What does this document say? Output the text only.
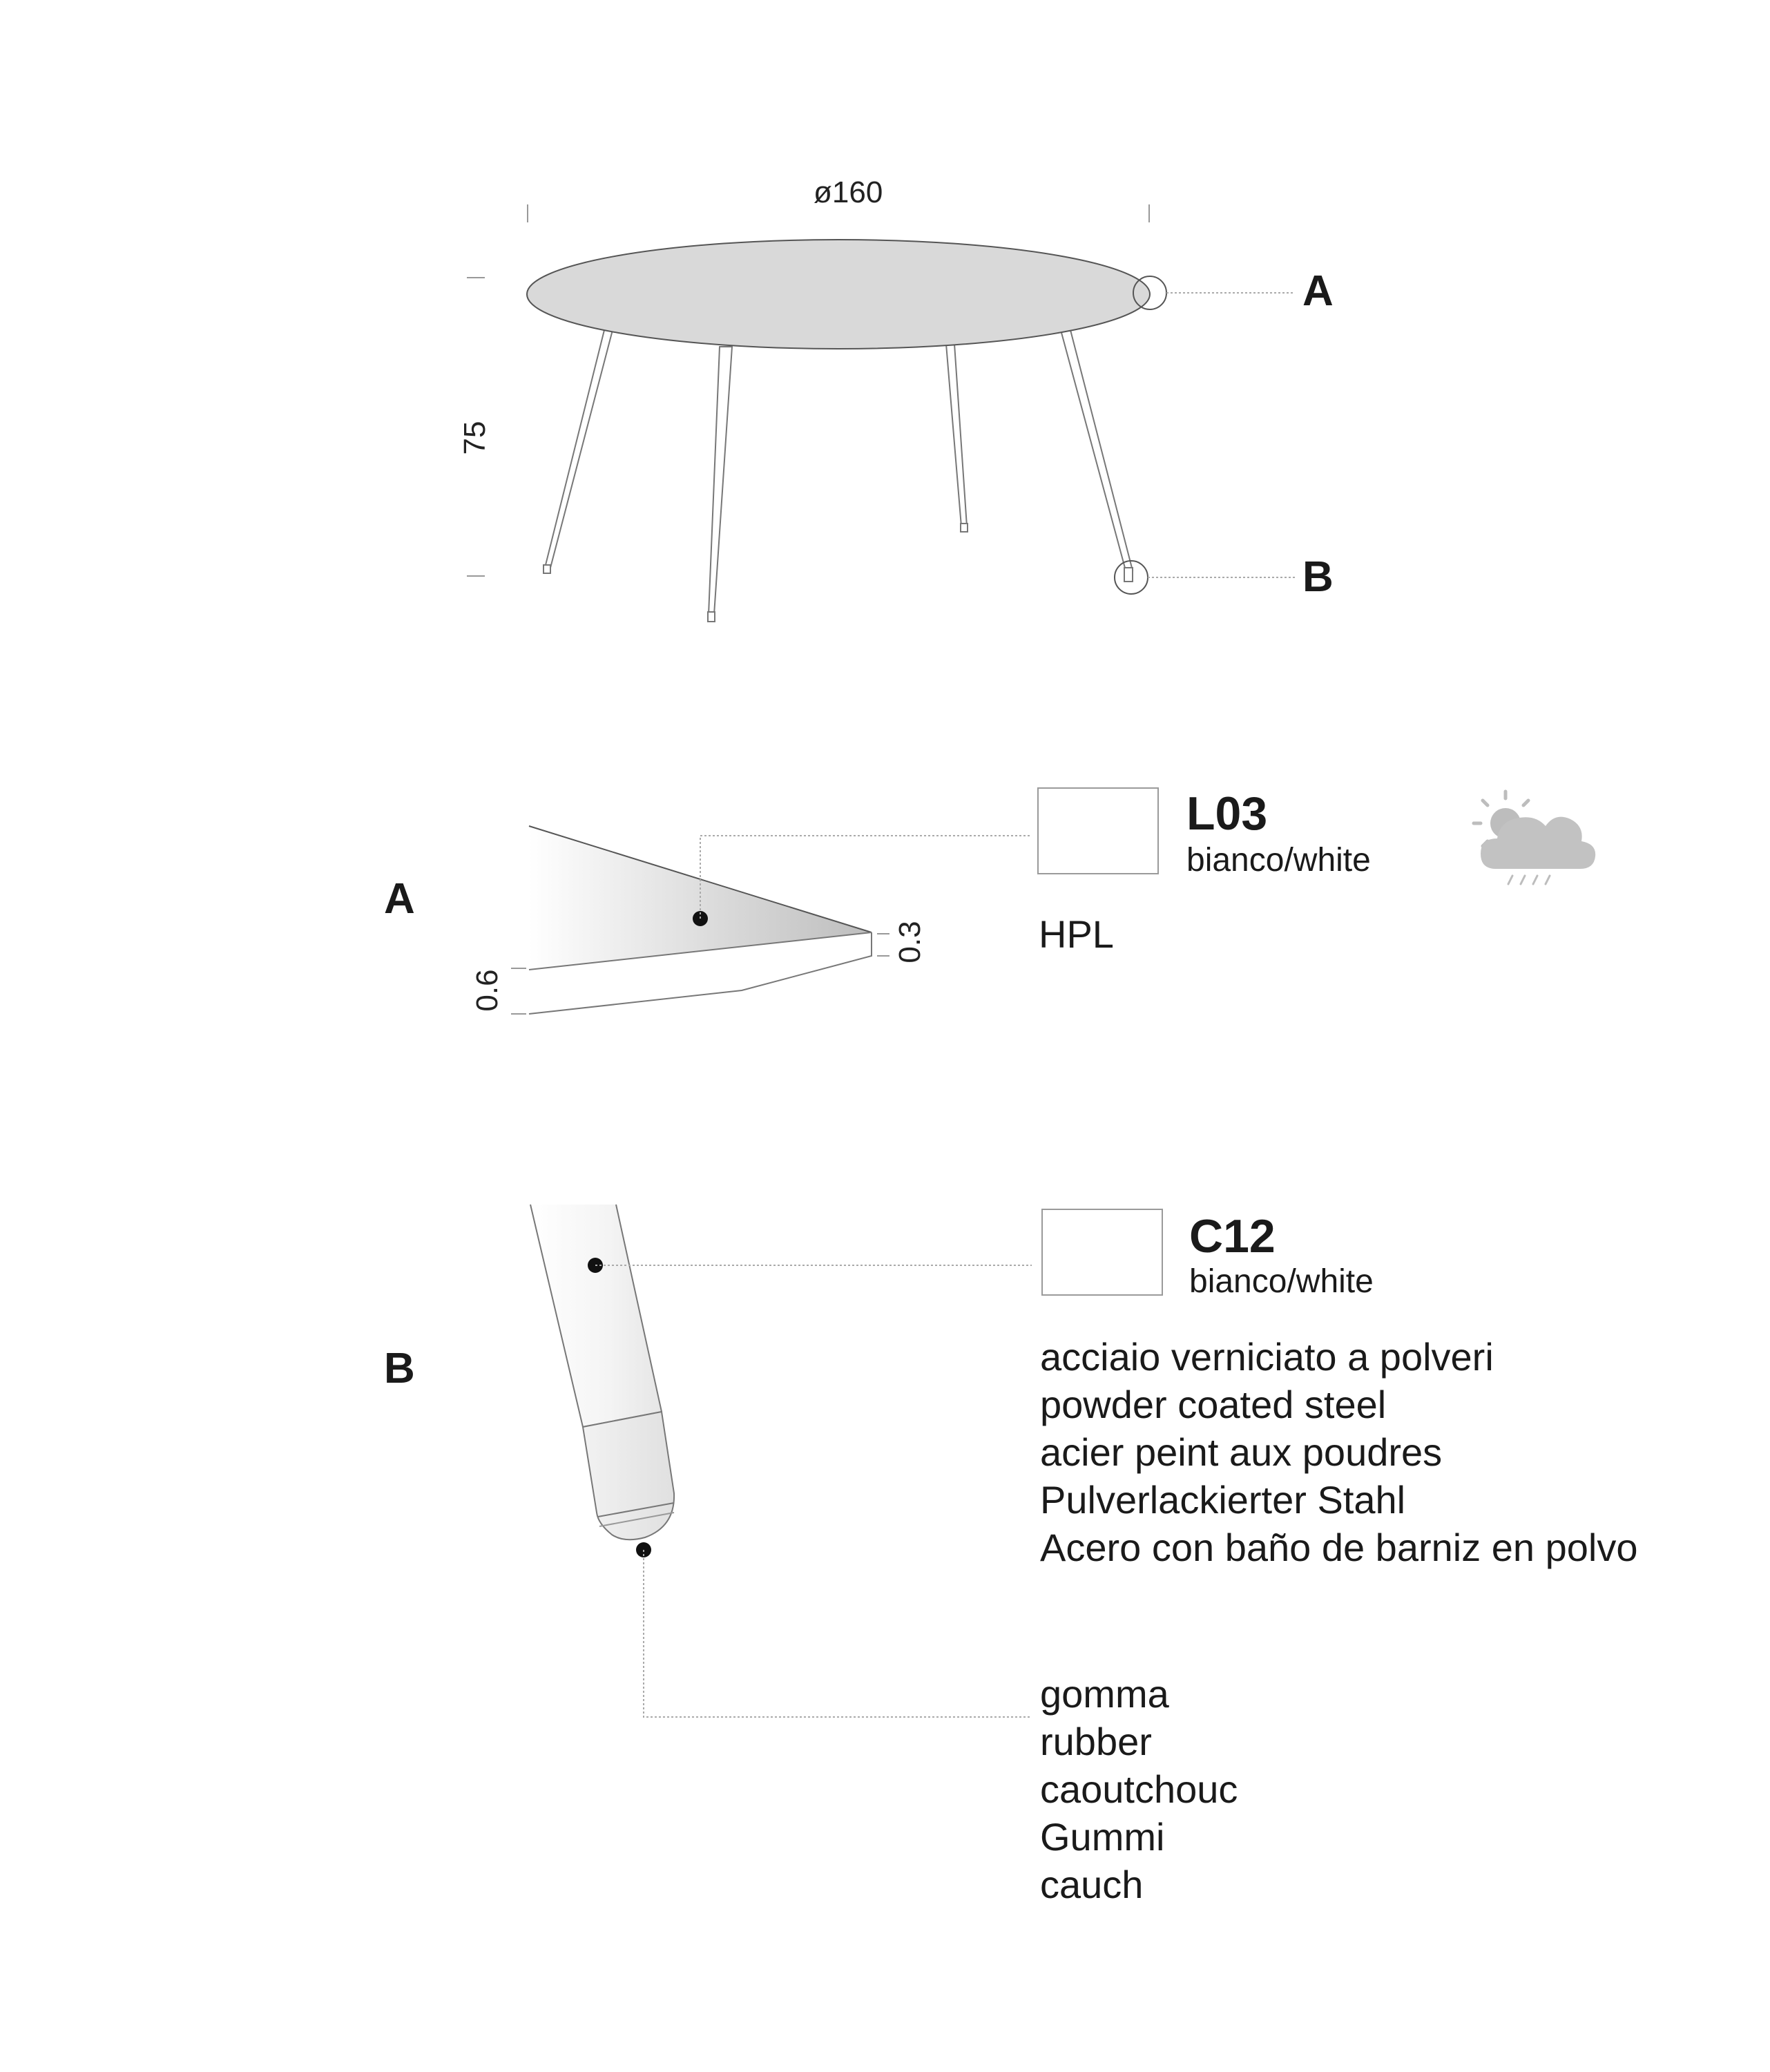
ø160
75
A
B
A
0.6
0.3
L03
bianco/white
HPL
B
C12
bianco/white
acciaio verniciato a polveri
powder coated steel
acier peint aux poudres
Pulverlackierter Stahl
Acero con baño de barniz en polvo
gomma
rubber
caoutchouc
Gummi
cauch
